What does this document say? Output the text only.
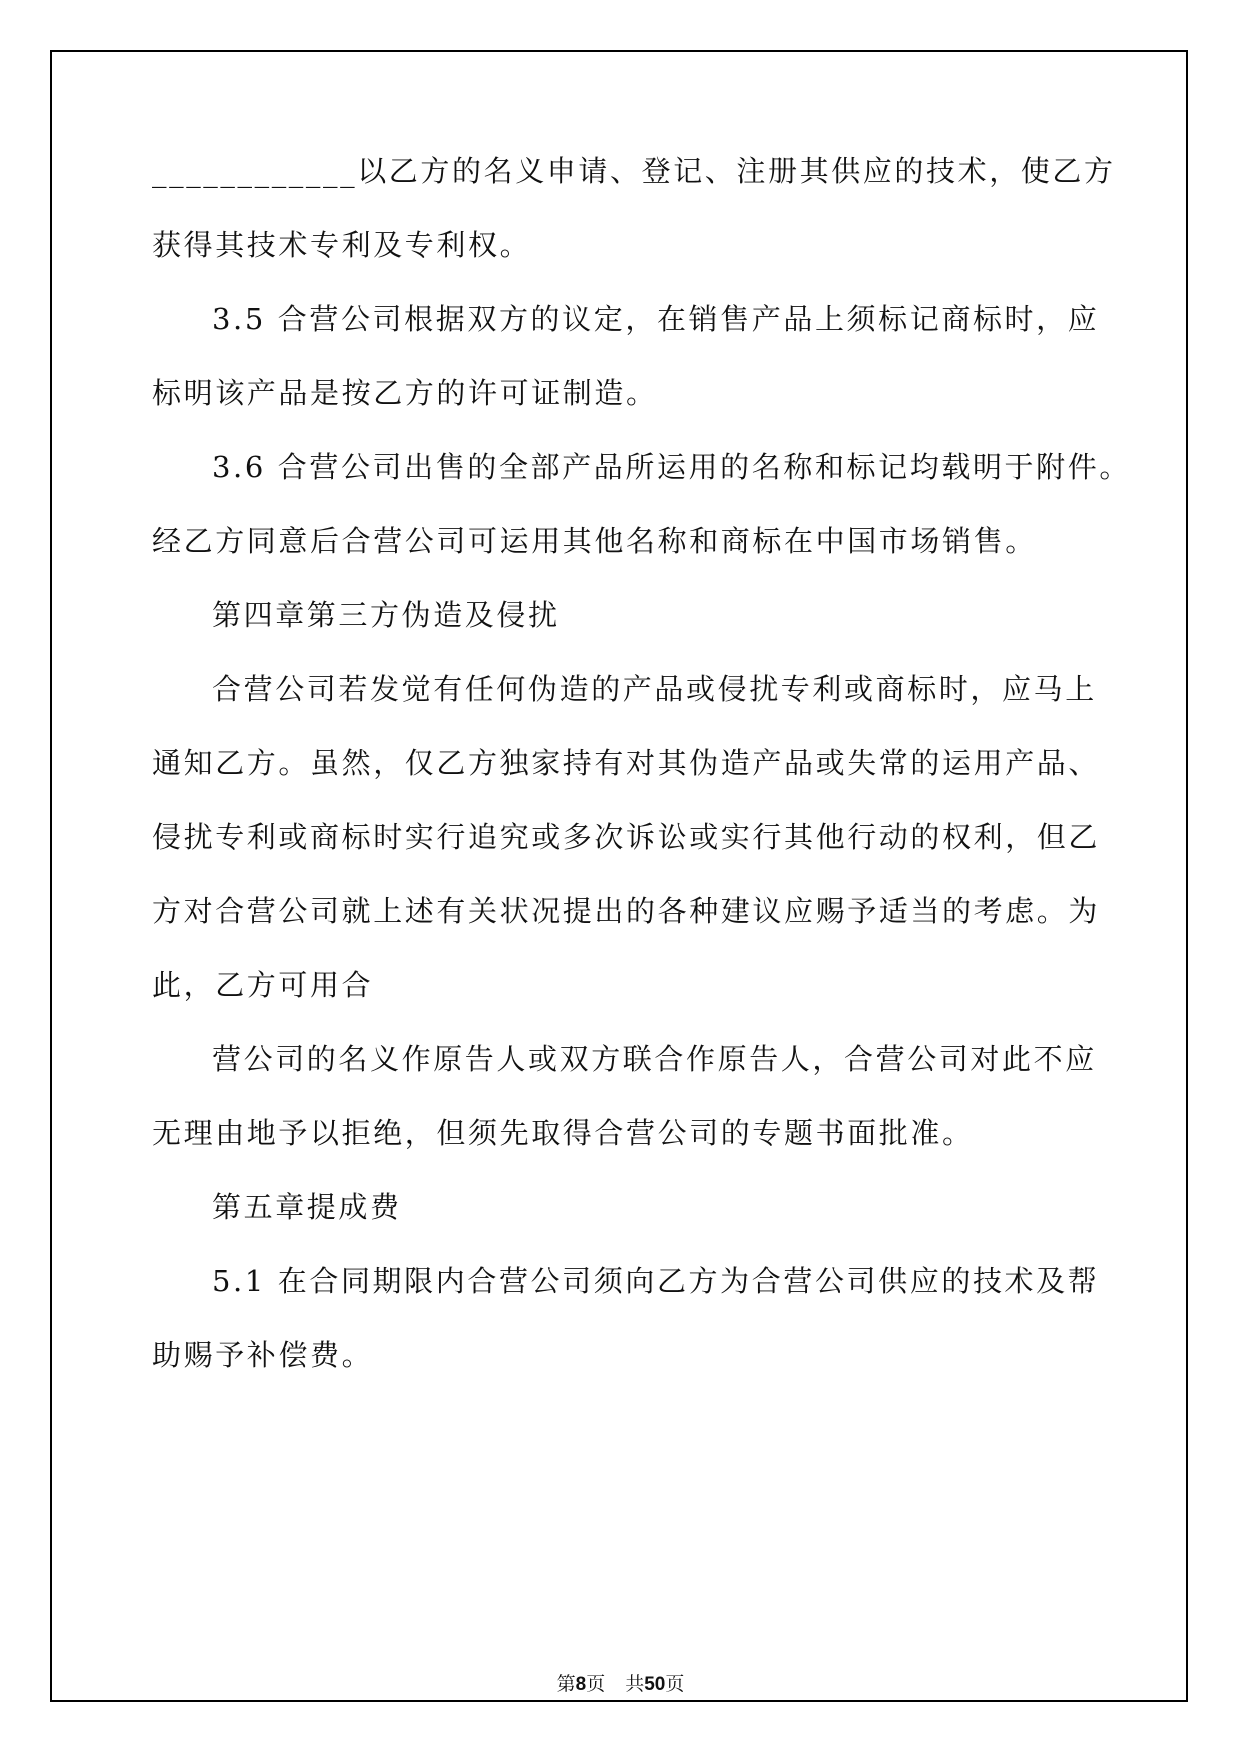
____________以乙方的名义申请、登记、注册其供应的技术，使乙方
获得其技术专利及专利权。
3.5 合营公司根据双方的议定，在销售产品上须标记商标时，应
标明该产品是按乙方的许可证制造。
3.6 合营公司出售的全部产品所运用的名称和标记均载明于附件。
经乙方同意后合营公司可运用其他名称和商标在中国市场销售。
第四章第三方伪造及侵扰
合营公司若发觉有任何伪造的产品或侵扰专利或商标时，应马上
通知乙方。虽然，仅乙方独家持有对其伪造产品或失常的运用产品、
侵扰专利或商标时实行追究或多次诉讼或实行其他行动的权利，但乙
方对合营公司就上述有关状况提出的各种建议应赐予适当的考虑。为
此，乙方可用合
营公司的名义作原告人或双方联合作原告人，合营公司对此不应
无理由地予以拒绝，但须先取得合营公司的专题书面批准。
第五章提成费
5.1 在合同期限内合营公司须向乙方为合营公司供应的技术及帮
助赐予补偿费。
第8页 共50页
